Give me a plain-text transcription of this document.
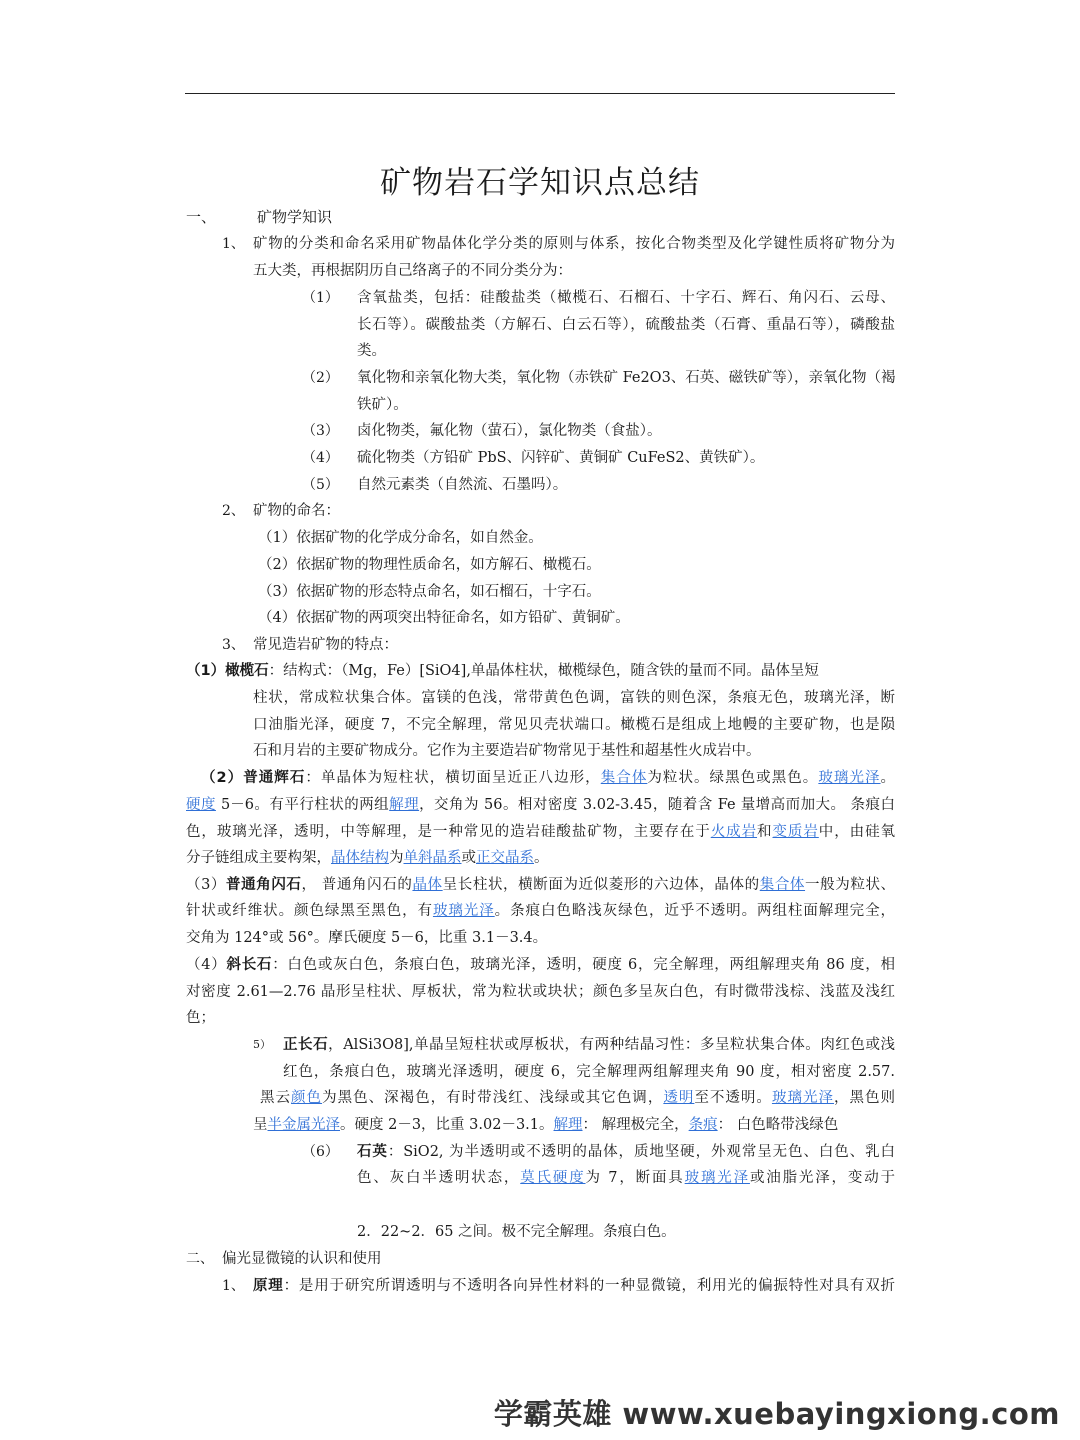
矿物岩石学知识点总结
一、	矿物学知识
1、 矿物的分类和命名采用矿物晶体化学分类的原则与体系，按化合物类型及化学键性质将矿物分为
五大类，再根据阴历自己络离子的不同分类分为：
（1） 含氧盐类，包括：硅酸盐类（橄榄石、石榴石、十字石、辉石、角闪石、云母、
长石等）。碳酸盐类（方解石、白云石等），硫酸盐类（石膏、重晶石等），磷酸盐
类。
（2） 氧化物和亲氧化物大类，氧化物（赤铁矿 Fe2O3、石英、磁铁矿等），亲氧化物（褐
铁矿）。
（3） 卤化物类，氟化物（萤石），氯化物类（食盐）。
（4） 硫化物类（方铅矿 PbS、闪锌矿、黄铜矿 CuFeS2、黄铁矿）。
（5） 自然元素类（自然流、石墨吗）。
2、 矿物的命名：
（1）依据矿物的化学成分命名，如自然金。
（2）依据矿物的物理性质命名，如方解石、橄榄石。
（3）依据矿物的形态特点命名，如石榴石，十字石。
（4）依据矿物的两项突出特征命名，如方铅矿、黄铜矿。
3、 常见造岩矿物的特点：
（1）橄榄石：结构式：（Mg，Fe）[SiO4],单晶体柱状，橄榄绿色，随含铁的量而不同。晶体呈短
柱状，常成粒状集合体。富镁的色浅，常带黄色色调，富铁的则色深，条痕无色，玻璃光泽，断
口油脂光泽，硬度 7，不完全解理，常见贝壳状端口。橄榄石是组成上地幔的主要矿物，也是陨
石和月岩的主要矿物成分。它作为主要造岩矿物常见于基性和超基性火成岩中。
（2）普通辉石：单晶体为短柱状，横切面呈近正八边形，集合体为粒状。绿黑色或黑色。玻璃光泽。
硬度 5－6。有平行柱状的两组解理，交角为 56。相对密度 3.02-3.45，随着含 Fe 量增高而加大。 条痕白
色，玻璃光泽，透明，中等解理，是一种常见的造岩硅酸盐矿物，主要存在于火成岩和变质岩中，由硅氧
分子链组成主要构架，晶体结构为单斜晶系或正交晶系。
（3）普通角闪石， 普通角闪石的晶体呈长柱状，横断面为近似菱形的六边体，晶体的集合体一般为粒状、
针状或纤维状。颜色绿黑至黑色，有玻璃光泽。条痕白色略浅灰绿色，近乎不透明。两组柱面解理完全，
交角为 124°或 56°。摩氏硬度 5－6，比重 3.1－3.4。
（4）斜长石：白色或灰白色，条痕白色，玻璃光泽，透明，硬度 6，完全解理，两组解理夹角 86 度，相
对密度 2.61—2.76 晶形呈柱状、厚板状，常为粒状或块状；颜色多呈灰白色，有时微带浅棕、浅蓝及浅红
色；
5） 正长石，AlSi3O8],单晶呈短柱状或厚板状，有两种结晶习性：多呈粒状集合体。肉红色或浅
红色，条痕白色，玻璃光泽透明，硬度 6，完全解理两组解理夹角 90 度，相对密度 2.57.
黑云颜色为黑色、深褐色，有时带浅红、浅绿或其它色调，透明至不透明。玻璃光泽，黑色则
呈半金属光泽。硬度 2－3，比重 3.02－3.1。解理： 解理极完全，条痕： 白色略带浅绿色
（6） 石英：SiO2, 为半透明或不透明的晶体，质地坚硬，外观常呈无色、白色、乳白
色、灰白半透明状态，莫氏硬度为 7，断面具玻璃光泽或油脂光泽，变动于
2．22~2．65 之间。极不完全解理。条痕白色。
二、 偏光显微镜的认识和使用
1、 原理：是用于研究所谓透明与不透明各向异性材料的一种显微镜，利用光的偏振特性对具有双折
学霸英雄 www.xuebayingxiong.com
